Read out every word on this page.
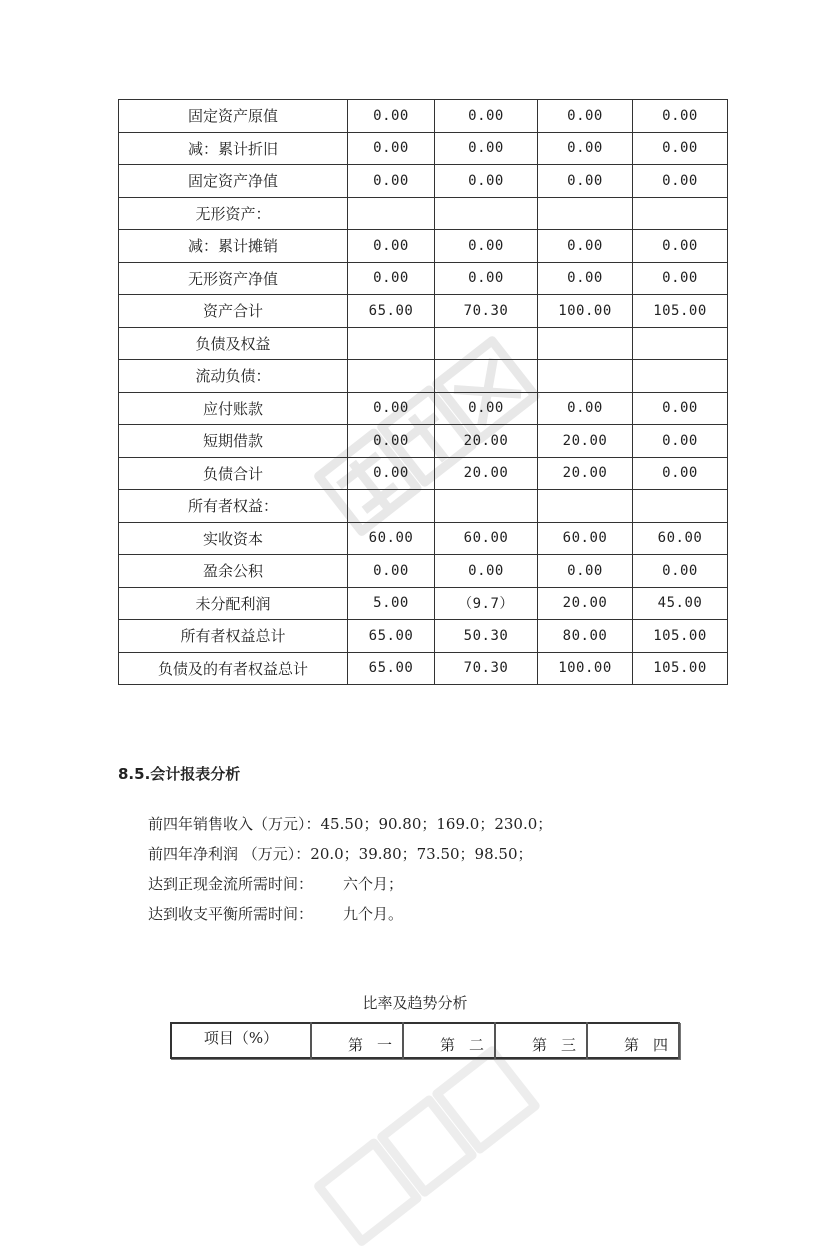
固定资产原值	0.00	0.00	0.00	0.00
减：累计折旧	0.00	0.00	0.00	0.00
固定资产净值	0.00	0.00	0.00	0.00
无形资产：				
减：累计摊销	0.00	0.00	0.00	0.00
无形资产净值	0.00	0.00	0.00	0.00
资产合计	65.00	70.30	100.00	105.00
负债及权益				
流动负债：				
应付账款	0.00	0.00	0.00	0.00
短期借款	0.00	20.00	20.00	0.00
负债合计	0.00	20.00	20.00	0.00
所有者权益：				
实收资本	60.00	60.00	60.00	60.00
盈余公积	0.00	0.00	0.00	0.00
未分配利润	5.00	（9.7）	20.00	45.00
所有者权益总计	65.00	50.30	80.00	105.00
负债及的有者权益总计	65.00	70.30	100.00	105.00
8.5.会计报表分析
前四年销售收入（万元）：45.50；90.80；169.0；230.0；
前四年净利润 （万元）：20.0；39.80；73.50；98.50；
达到正现金流所需时间： 六个月；
达到收支平衡所需时间： 九个月。
比率及趋势分析
项目（%）	第 一	第 二	第 三	第 四
